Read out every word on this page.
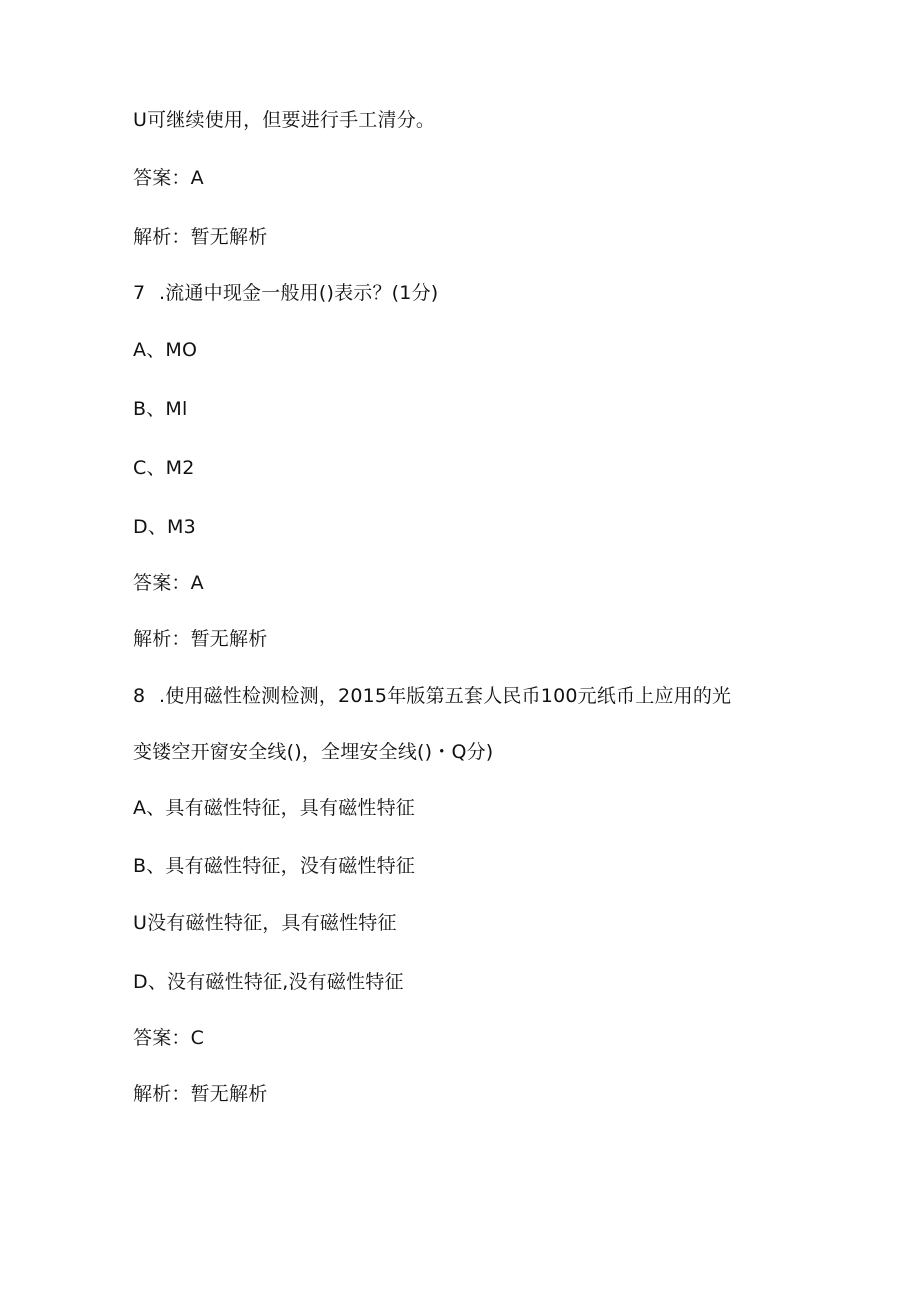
U可继续使用，但要进行手工清分。
答案：A
解析：暂无解析
7 .流通中现金一般用()表示？(1分)
A、MO
B、Ml
C、M2
D、M3
答案：A
解析：暂无解析
8 .使用磁性检测检测，2015年版第五套人民币100元纸币上应用的光
变镂空开窗安全线()，全埋安全线()・Q分)
A、具有磁性特征，具有磁性特征
B、具有磁性特征，没有磁性特征
U没有磁性特征，具有磁性特征
D、没有磁性特征,没有磁性特征
答案：C
解析：暂无解析
